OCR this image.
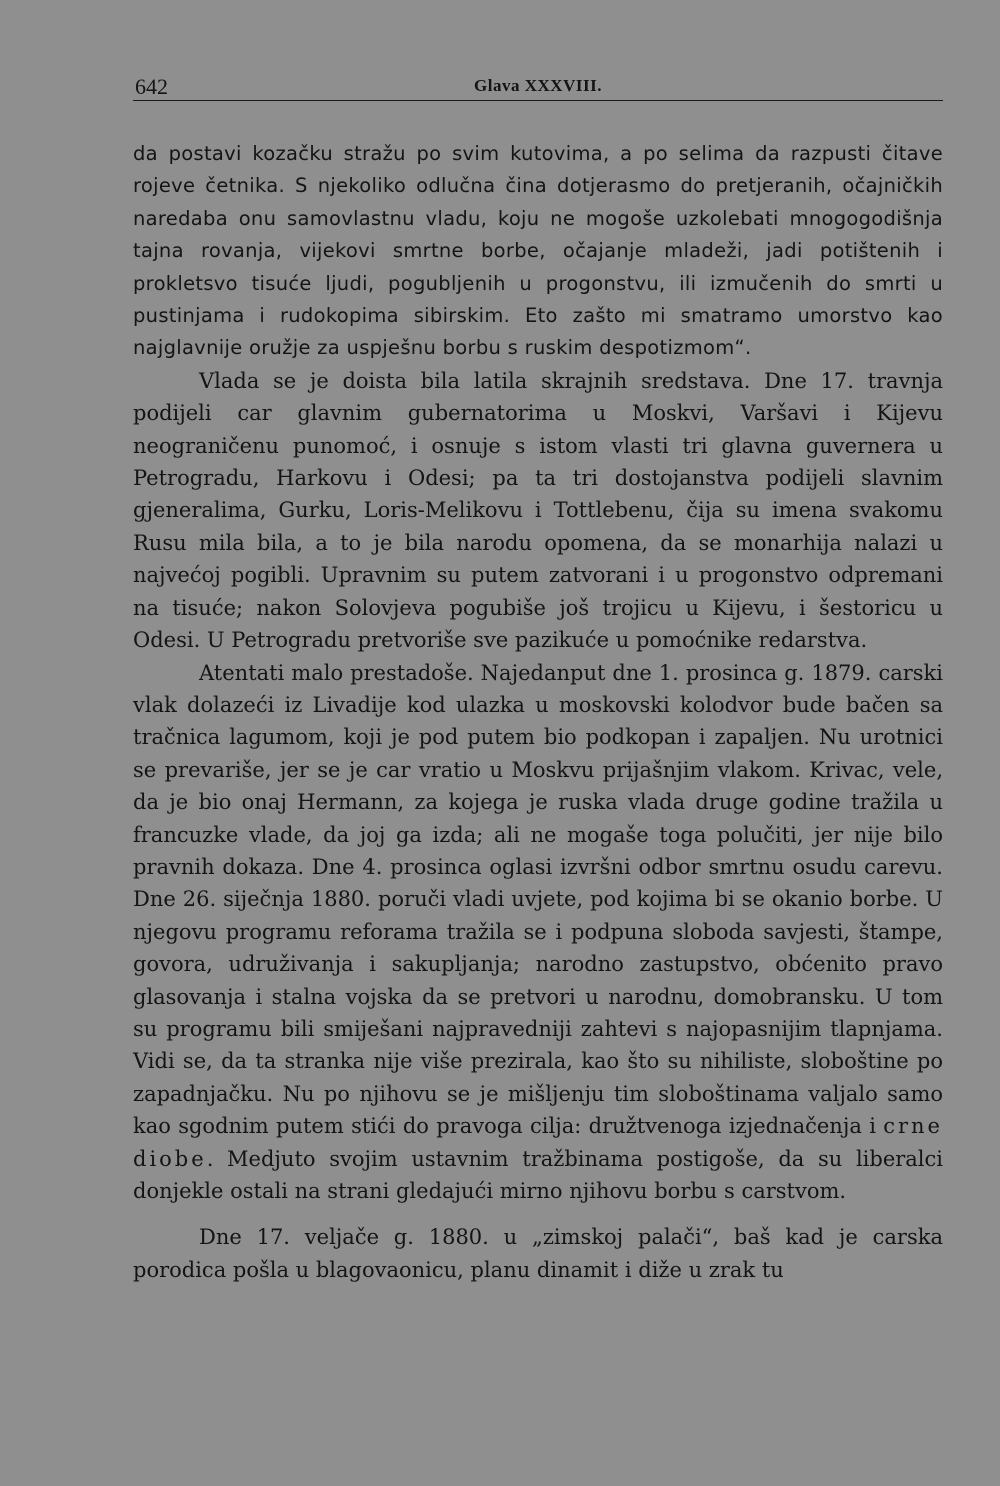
642	Glava XXXVIII.

da postavi kozačku stražu po svim kutovima, a po selima da razpusti čitave rojeve četnika. S njekoliko odlučna čina dotjerasmo do pretjeranih, očajničkih naredaba onu samovlastnu vladu, koju ne mogoše uzkolebati mnogogodišnja tajna rovanja, vijekovi smrtne borbe, očajanje mladeži, jadi potištenih i prokletsvo tisuće ljudi, pogubljenih u progonstvu, ili izmučenih do smrti u pustinjama i rudokopima sibirskim. Eto zašto mi smatramo umorstvo kao najglavnije oružje za uspješnu borbu s ruskim despotizmom“.

Vlada se je doista bila latila skrajnih sredstava. Dne 17. travnja podijeli car glavnim gubernatorima u Moskvi, Varšavi i Kijevu neograničenu punomoć, i osnuje s istom vlasti tri glavna guvernera u Petrogradu, Harkovu i Odesi; pa ta tri dostojanstva podijeli slavnim gjeneralima, Gurku, Loris-Melikovu i Tottlebenu, čija su imena svakomu Rusu mila bila, a to je bila narodu opomena, da se monarhija nalazi u najvećoj pogibli. Upravnim su putem zatvorani i u progonstvo odpremani na tisuće; nakon Solovjeva pogubiše još trojicu u Kijevu, i šestoricu u Odesi. U Petrogradu pretvoriše sve pazikuće u pomoćnike redarstva.

Atentati malo prestadoše. Najedanput dne 1. prosinca g. 1879. carski vlak dolazeći iz Livadije kod ulazka u moskovski kolodvor bude bačen sa tračnica lagumom, koji je pod putem bio podkopan i zapaljen. Nu urotnici se prevariše, jer se je car vratio u Moskvu prijašnjim vlakom. Krivac, vele, da je bio onaj Hermann, za kojega je ruska vlada druge godine tražila u francuzke vlade, da joj ga izda; ali ne mogaše toga polučiti, jer nije bilo pravnih dokaza. Dne 4. prosinca oglasi izvršni odbor smrtnu osudu carevu. Dne 26. siječnja 1880. poruči vladi uvjete, pod kojima bi se okanio borbe. U njegovu programu reforama tražila se i podpuna sloboda savjesti, štampe, govora, udruživanja i sakupljanja; narodno zastupstvo, obćenito pravo glasovanja i stalna vojska da se pretvori u narodnu, domobransku. U tom su programu bili smiješani najpravedniji zahtevi s najopasnijim tlapnjama. Vidi se, da ta stranka nije više prezirala, kao što su nihiliste, sloboštine po zapadnjačku. Nu po njihovu se je mišljenju tim sloboštinama valjalo samo kao sgodnim putem stići do pravoga cilja: družtvenoga izjednačenja i crne diobe. Medjuto svojim ustavnim tražbinama postigoše, da su liberalci donjekle ostali na strani gledajući mirno njihovu borbu s carstvom.

Dne 17. veljače g. 1880. u „zimskoj palači“, baš kad je carska porodica pošla u blagovaonicu, planu dinamit i diže u zrak tu
